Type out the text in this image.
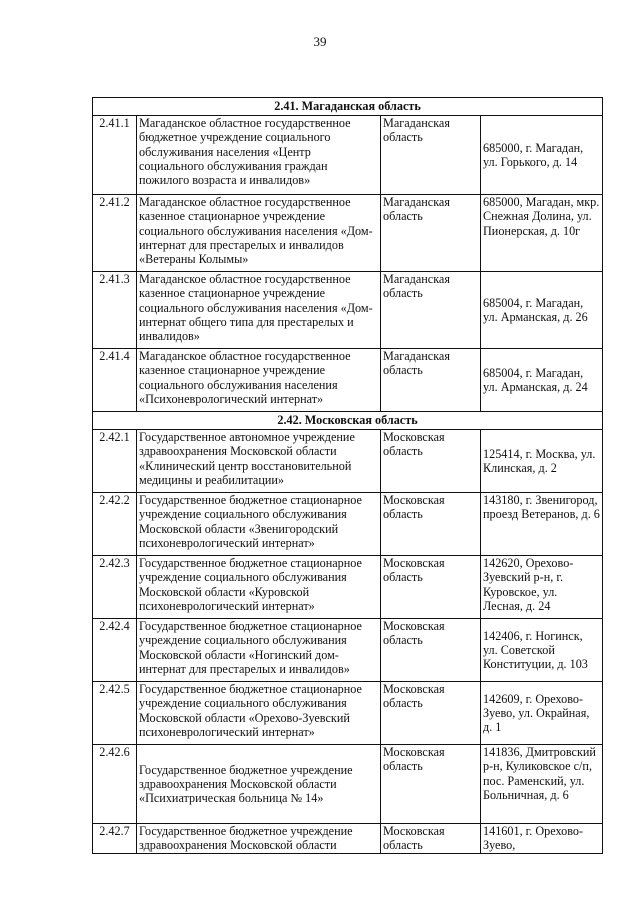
39
2.41. Магаданская область			
2.41.1	Магаданское областное государственное бюджетное учреждение социального обслуживания населения «Центр социального обслуживания граждан пожилого возраста и инвалидов»	Магаданская область	685000, г. Магадан, ул. Горького, д. 14
2.41.2	Магаданское областное государственное казенное стационарное учреждение социального обслуживания населения «Дом-интернат для престарелых и инвалидов «Ветераны Колымы»	Магаданская область	685000, Магадан, мкр. Снежная Долина, ул. Пионерская, д. 10г
2.41.3	Магаданское областное государственное казенное стационарное учреждение социального обслуживания населения «Дом-интернат общего типа для престарелых и инвалидов»	Магаданская область	685004, г. Магадан, ул. Арманская, д. 26
2.41.4	Магаданское областное государственное казенное стационарное учреждение социального обслуживания населения «Психоневрологический интернат»	Магаданская область	685004, г. Магадан, ул. Арманская, д. 24
2.42. Московская область			
2.42.1	Государственное автономное учреждение здравоохранения Московской области «Клинический центр восстановительной медицины и реабилитации»	Московская область	125414, г. Москва, ул. Клинская, д. 2
2.42.2	Государственное бюджетное стационарное учреждение социального обслуживания Московской области «Звенигородский психоневрологический интернат»	Московская область	143180, г. Звенигород, проезд Ветеранов, д. 6
2.42.3	Государственное бюджетное стационарное учреждение социального обслуживания Московской области «Куровской психоневрологический интернат»	Московская область	142620, Орехово-Зуевский р-н, г. Куровское, ул. Лесная, д. 24
2.42.4	Государственное бюджетное стационарное учреждение социального обслуживания Московской области «Ногинский дом-интернат для престарелых и инвалидов»	Московская область	142406, г. Ногинск, ул. Советской Конституции, д. 103
2.42.5	Государственное бюджетное стационарное учреждение социального обслуживания Московской области «Орехово-Зуевский психоневрологический интернат»	Московская область	142609, г. Орехово-Зуево, ул. Окрайная, д. 1
2.42.6	Государственное бюджетное учреждение здравоохранения Московской области «Психиатрическая больница № 14»	Московская область	141836, Дмитровский р-н, Куликовское с/п, пос. Раменский, ул. Больничная, д. 6
2.42.7	Государственное бюджетное учреждение здравоохранения Московской области	Московская область	141601, г. Орехово-Зуево,
